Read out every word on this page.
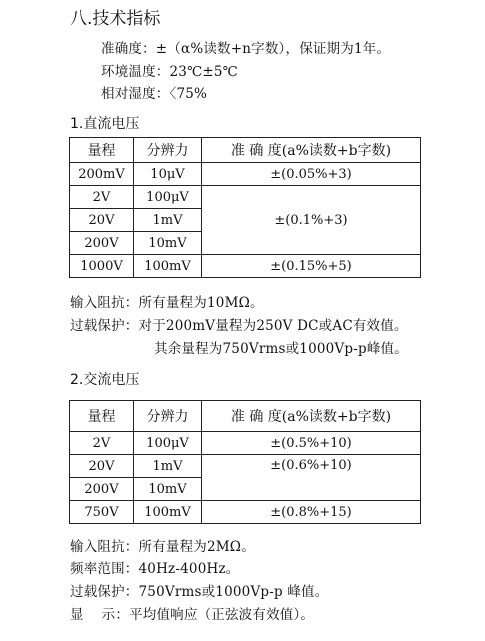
八.技术指标
准确度：±（α%读数+n字数），保证期为1年。
环境温度：23℃±5℃
相对湿度：〈75%
1.直流电压
量程	分辨力	准 确 度(a%读数+b字数)
200mV	10μV	±(0.05%+3)
2V	100μV	±(0.1%+3)
20V	1mV	
200V	10mV	
1000V	100mV	±(0.15%+5)
输入阻抗：所有量程为10MΩ。
过载保护：对于200mV量程为250V DC或AC有效值。
其余量程为750Vrms或1000Vp-p峰值。
2.交流电压
量程	分辨力	准 确 度(a%读数+b字数)
2V	100μV	±(0.5%+10)
20V	1mV	±(0.6%+10)
200V	10mV	
750V	100mV	±(0.8%+15)
输入阻抗：所有量程为2MΩ。
频率范围：40Hz-400Hz。
过载保护：750Vrms或1000Vp-p 峰值。
显    示：平均值响应（正弦波有效值）。
